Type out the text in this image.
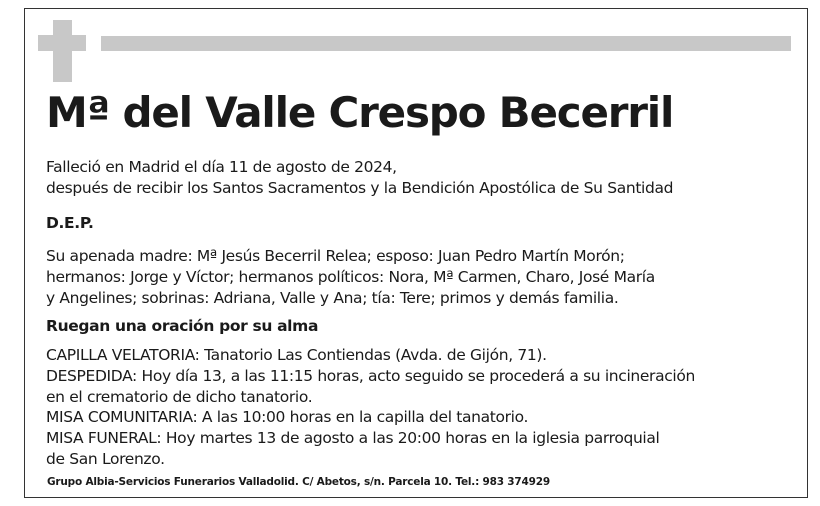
Mª del Valle Crespo Becerril
Falleció en Madrid el día 11 de agosto de 2024,
después de recibir los Santos Sacramentos y la Bendición Apostólica de Su Santidad
D.E.P.
Su apenada madre: Mª Jesús Becerril Relea; esposo: Juan Pedro Martín Morón;
hermanos: Jorge y Víctor; hermanos políticos: Nora, Mª Carmen, Charo, José María
y Angelines; sobrinas: Adriana, Valle y Ana; tía: Tere; primos y demás familia.
Ruegan una oración por su alma
CAPILLA VELATORIA: Tanatorio Las Contiendas (Avda. de Gijón, 71).
DESPEDIDA: Hoy día 13, a las 11:15 horas, acto seguido se procederá a su incineración
en el crematorio de dicho tanatorio.
MISA COMUNITARIA: A las 10:00 horas en la capilla del tanatorio.
MISA FUNERAL: Hoy martes 13 de agosto a las 20:00 horas en la iglesia parroquial
de San Lorenzo.
Grupo Albia-Servicios Funerarios Valladolid. C/ Abetos, s/n. Parcela 10. Tel.: 983 374929
